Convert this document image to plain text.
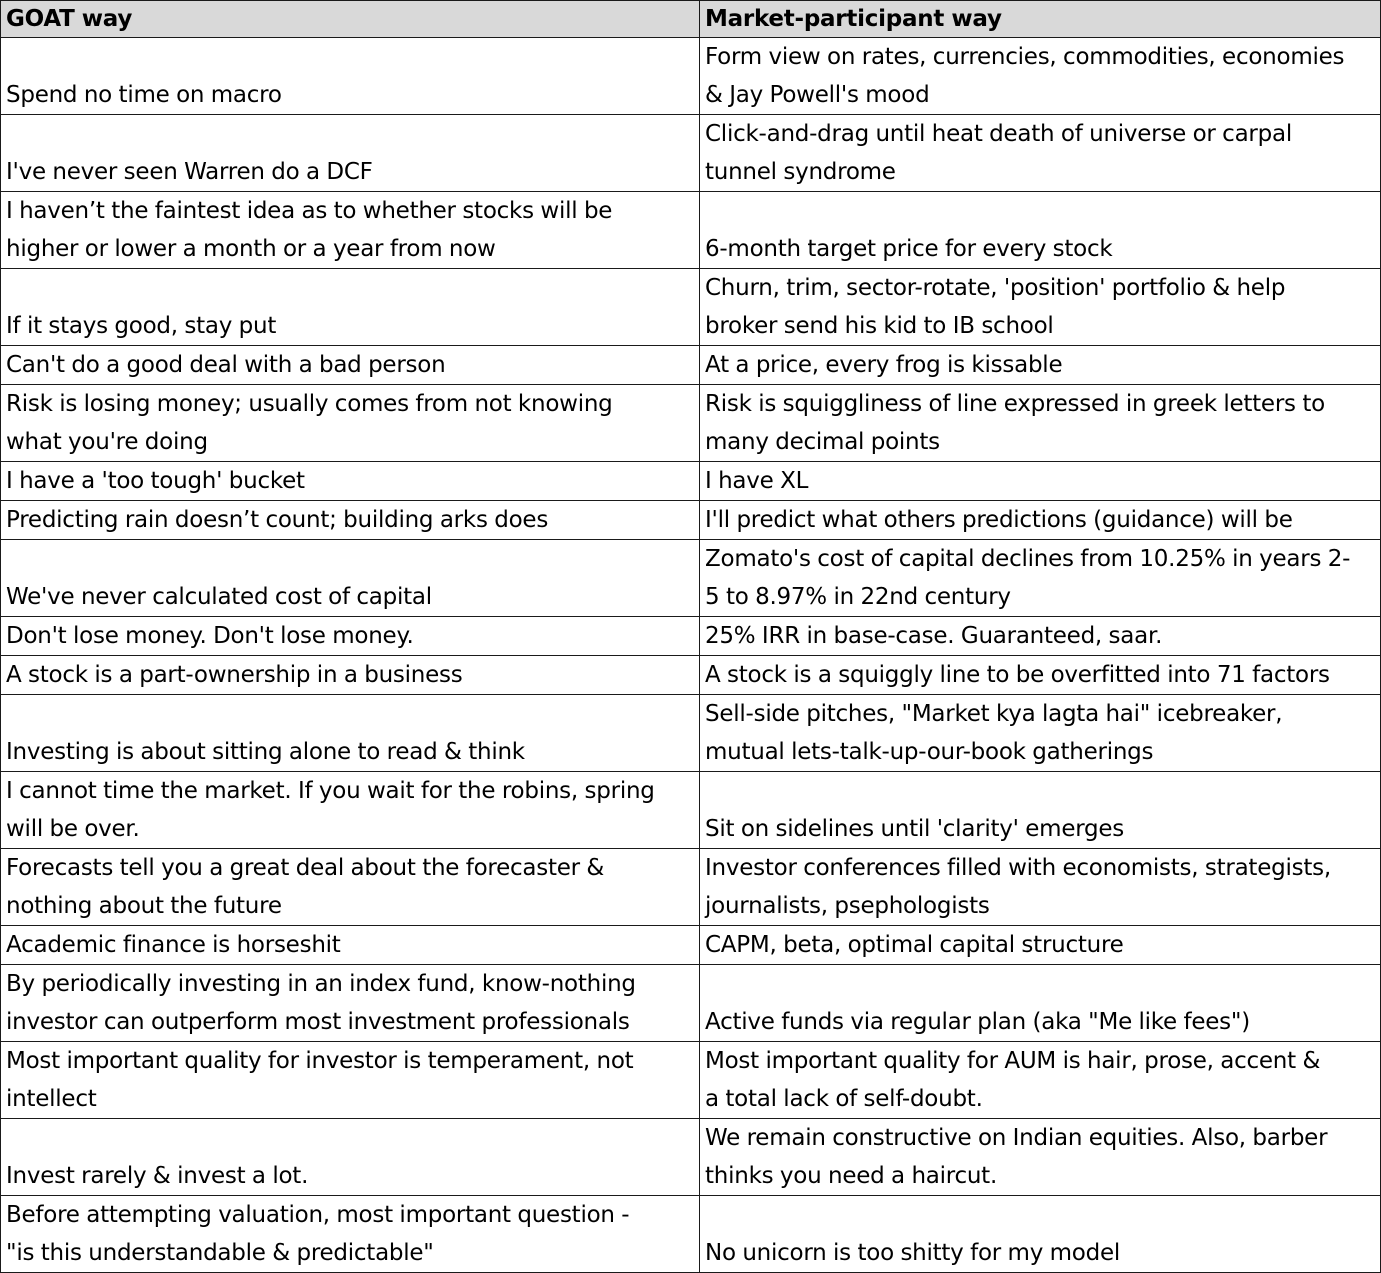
GOAT way	Market-participant way

Spend no time on macro	Form view on rates, currencies, commodities, economies
& Jay Powell's mood

I've never seen Warren do a DCF	Click-and-drag until heat death of universe or carpal
tunnel syndrome

I haven’t the faintest idea as to whether stocks will be
higher or lower a month or a year from now	6-month target price for every stock

If it stays good, stay put	Churn, trim, sector-rotate, 'position' portfolio & help
broker send his kid to IB school

Can't do a good deal with a bad person	At a price, every frog is kissable

Risk is losing money; usually comes from not knowing
what you're doing	Risk is squiggliness of line expressed in greek letters to
many decimal points

I have a 'too tough' bucket	I have XL

Predicting rain doesn’t count; building arks does	I'll predict what others predictions (guidance) will be

We've never calculated cost of capital	Zomato's cost of capital declines from 10.25% in years 2-
5 to 8.97% in 22nd century

Don't lose money. Don't lose money.	25% IRR in base-case. Guaranteed, saar.

A stock is a part-ownership in a business	A stock is a squiggly line to be overfitted into 71 factors

Investing is about sitting alone to read & think	Sell-side pitches, "Market kya lagta hai" icebreaker,
mutual lets-talk-up-our-book gatherings

I cannot time the market. If you wait for the robins, spring
will be over.	Sit on sidelines until 'clarity' emerges

Forecasts tell you a great deal about the forecaster &
nothing about the future	Investor conferences filled with economists, strategists,
journalists, psephologists

Academic finance is horseshit	CAPM, beta, optimal capital structure

By periodically investing in an index fund, know-nothing
investor can outperform most investment professionals	Active funds via regular plan (aka "Me like fees")

Most important quality for investor is temperament, not
intellect	Most important quality for AUM is hair, prose, accent &
a total lack of self-doubt.

Invest rarely & invest a lot.	We remain constructive on Indian equities. Also, barber
thinks you need a haircut.

Before attempting valuation, most important question -
"is this understandable & predictable"	No unicorn is too shitty for my model
